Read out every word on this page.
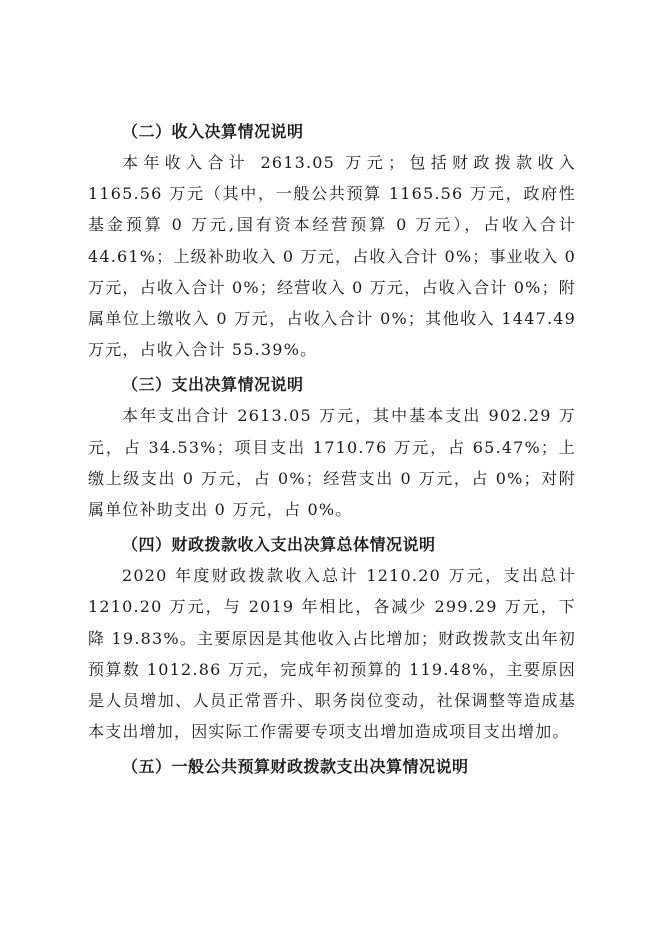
（二）收入决算情况说明

本年收入合计 2613.05 万元；包括财政拨款收入 1165.56 万元（其中，一般公共预算 1165.56 万元，政府性基金预算 0 万元,国有资本经营预算 0 万元），占收入合计 44.61%；上级补助收入 0 万元，占收入合计 0%；事业收入 0 万元，占收入合计 0%；经营收入 0 万元，占收入合计 0%；附属单位上缴收入 0 万元，占收入合计 0%；其他收入 1447.49 万元，占收入合计 55.39%。

（三）支出决算情况说明

本年支出合计 2613.05 万元，其中基本支出 902.29 万元，占 34.53%；项目支出 1710.76 万元，占 65.47%；上缴上级支出 0 万元，占 0%；经营支出 0 万元，占 0%；对附属单位补助支出 0 万元，占 0%。

（四）财政拨款收入支出决算总体情况说明

2020 年度财政拨款收入总计 1210.20 万元，支出总计 1210.20 万元，与 2019 年相比，各减少 299.29 万元，下降 19.83%。主要原因是其他收入占比增加；财政拨款支出年初预算数 1012.86 万元，完成年初预算的 119.48%，主要原因是人员增加、人员正常晋升、职务岗位变动，社保调整等造成基本支出增加，因实际工作需要专项支出增加造成项目支出增加。

（五）一般公共预算财政拨款支出决算情况说明
